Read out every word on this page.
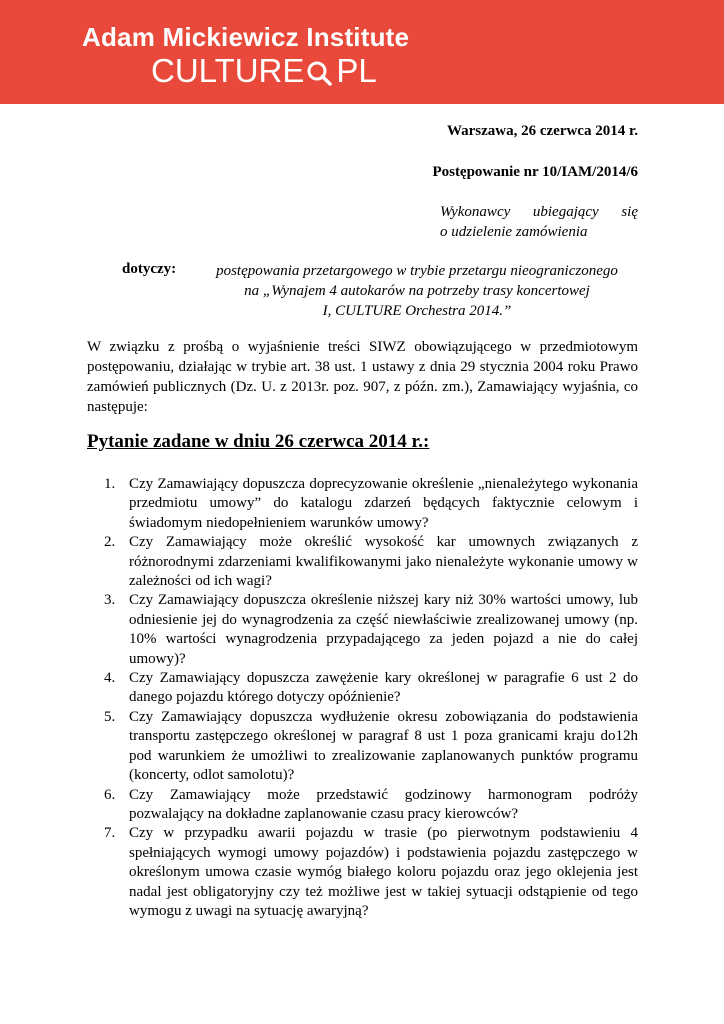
Adam Mickiewicz Institute
CULTURE PL
Warszawa, 26 czerwca 2014 r.
Postępowanie nr 10/IAM/2014/6
Wykonawcy ubiegający się
o udzielenie zamówienia
dotyczy:	postępowania przetargowego w trybie przetargu nieograniczonego
na „Wynajem 4 autokarów na potrzeby trasy koncertowej
I, CULTURE Orchestra 2014.”

W związku z prośbą o wyjaśnienie treści SIWZ obowiązującego w przedmiotowym postępowaniu, działając w trybie art. 38 ust. 1 ustawy z dnia 29 stycznia 2004 roku Prawo zamówień publicznych (Dz. U. z 2013r. poz. 907, z późn. zm.), Zamawiający wyjaśnia, co następuje:

Pytanie zadane w dniu 26 czerwca 2014 r.:
1. Czy Zamawiający dopuszcza doprecyzowanie określenie „nienależytego wykonania przedmiotu umowy” do katalogu zdarzeń będących faktycznie celowym i świadomym niedopełnieniem warunków umowy?
2. Czy Zamawiający może określić wysokość kar umownych związanych z różnorodnymi zdarzeniami kwalifikowanymi jako nienależyte wykonanie umowy w zależności od ich wagi?
3. Czy Zamawiający dopuszcza określenie niższej kary niż 30% wartości umowy, lub odniesienie jej do wynagrodzenia za część niewłaściwie zrealizowanej umowy (np. 10% wartości wynagrodzenia przypadającego za jeden pojazd a nie do całej umowy)?
4. Czy Zamawiający dopuszcza zawężenie kary określonej w paragrafie 6 ust 2 do danego pojazdu którego dotyczy opóźnienie?
5. Czy Zamawiający dopuszcza wydłużenie okresu zobowiązania do podstawienia transportu zastępczego określonej w paragraf 8 ust 1 poza granicami kraju do12h pod warunkiem że umożliwi to zrealizowanie zaplanowanych punktów programu (koncerty, odlot samolotu)?
6. Czy Zamawiający może przedstawić godzinowy harmonogram podróży pozwalający na dokładne zaplanowanie czasu pracy kierowców?
7. Czy w przypadku awarii pojazdu w trasie (po pierwotnym podstawieniu 4 spełniających wymogi umowy pojazdów) i podstawienia pojazdu zastępczego w określonym umowa czasie wymóg białego koloru pojazdu oraz jego oklejenia jest nadal jest obligatoryjny czy też możliwe jest w takiej sytuacji odstąpienie od tego wymogu z uwagi na sytuację awaryjną?
